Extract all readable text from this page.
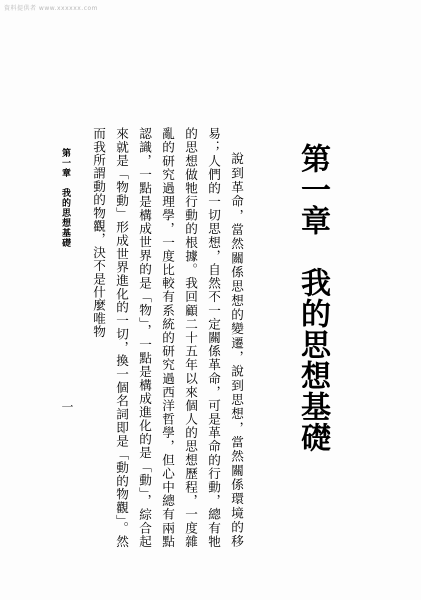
資料提供者 www.xxxxxx.com
第一章　我的思想基礎

說到革命，當然關係思想的變遷，說到思想，當然關係環境的移易；人們的一切思想，自然不一定關係革命，可是革命的行動，總有牠的思想做牠行動的根據。我回顧二十五年以來個人的思想歷程，一度雜亂的研究過理學，一度比較有系統的研究過西洋哲學，但心中總有兩點認識，一點是構成世界的是「物」，一點是構成進化的是「動」，綜合起來就是「物動」形成世界進化的一切，換一個名詞即是「動的物觀」。然而我所謂動的物觀，決不是什麼唯物

第一章　我的思想基礎
一
